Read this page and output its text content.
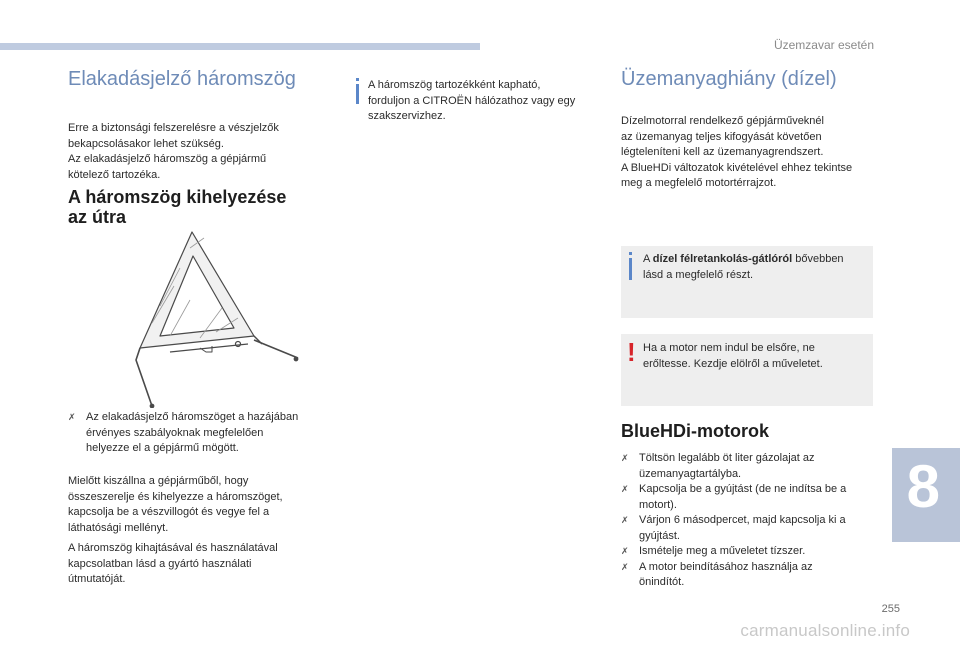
Üzemzavar esetén
8
255
carmanualsonline.info
Elakadásjelző háromszög
Erre a biztonsági felszerelésre a vészjelzők
bekapcsolásakor lehet szükség.
Az elakadásjelző háromszög a gépjármű
kötelező tartozéka.
A háromszög kihelyezése
az útra
✗ Az elakadásjelző háromszöget a hazájában
érvényes szabályoknak megfelelően
helyezze el a gépjármű mögött.
Mielőtt kiszállna a gépjárműből, hogy
összeszerelje és kihelyezze a háromszöget,
kapcsolja be a vészvillogót és vegye fel a
láthatósági mellényt.
A háromszög kihajtásával és használatával
kapcsolatban lásd a gyártó használati
útmutatóját.
A háromszög tartozékként kapható,
forduljon a CITROËN hálózathoz vagy egy
szakszervizhez.
Üzemanyaghiány (dízel)
Dízelmotorral rendelkező gépjárműveknél
az üzemanyag teljes kifogyását követően
légteleníteni kell az üzemanyagrendszert.
A BlueHDi változatok kivételével ehhez tekintse
meg a megfelelő motortérrajzot.
A dízel félretankolás-gátlóról bővebben
lásd a megfelelő részt.
! Ha a motor nem indul be elsőre, ne
erőltesse. Kezdje elölről a műveletet.
BlueHDi-motorok
✗ Töltsön legalább öt liter gázolajat az
üzemanyagtartályba.
✗ Kapcsolja be a gyújtást (de ne indítsa be a
motort).
✗ Várjon 6 másodpercet, majd kapcsolja ki a
gyújtást.
✗ Ismételje meg a műveletet tízszer.
✗ A motor beindításához használja az
önindítót.
